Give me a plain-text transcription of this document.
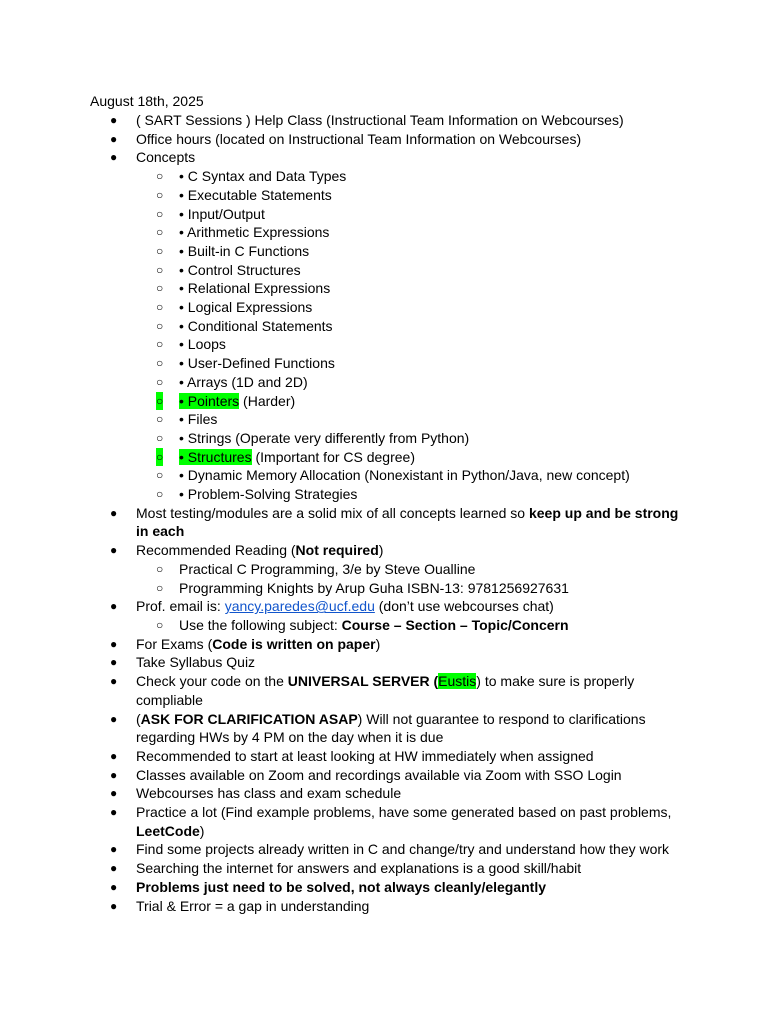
August 18th, 2025
● ( SART Sessions ) Help Class (Instructional Team Information on Webcourses)
● Office hours (located on Instructional Team Information on Webcourses)
● Concepts
○ • C Syntax and Data Types
○ • Executable Statements
○ • Input/Output
○ • Arithmetic Expressions
○ • Built-in C Functions
○ • Control Structures
○ • Relational Expressions
○ • Logical Expressions
○ • Conditional Statements
○ • Loops
○ • User-Defined Functions
○ • Arrays (1D and 2D)
○ • Pointers (Harder)
○ • Files
○ • Strings (Operate very differently from Python)
○ • Structures (Important for CS degree)
○ • Dynamic Memory Allocation (Nonexistant in Python/Java, new concept)
○ • Problem-Solving Strategies
● Most testing/modules are a solid mix of all concepts learned so keep up and be strong in each
● Recommended Reading (Not required)
○ Practical C Programming, 3/e by Steve Oualline
○ Programming Knights by Arup Guha ISBN-13: 9781256927631
● Prof. email is: yancy.paredes@ucf.edu (don’t use webcourses chat)
○ Use the following subject: Course – Section – Topic/Concern
● For Exams (Code is written on paper)
● Take Syllabus Quiz
● Check your code on the UNIVERSAL SERVER (Eustis) to make sure is properly compliable
● (ASK FOR CLARIFICATION ASAP) Will not guarantee to respond to clarifications regarding HWs by 4 PM on the day when it is due
● Recommended to start at least looking at HW immediately when assigned
● Classes available on Zoom and recordings available via Zoom with SSO Login
● Webcourses has class and exam schedule
● Practice a lot (Find example problems, have some generated based on past problems, LeetCode)
● Find some projects already written in C and change/try and understand how they work
● Searching the internet for answers and explanations is a good skill/habit
● Problems just need to be solved, not always cleanly/elegantly
● Trial & Error = a gap in understanding
